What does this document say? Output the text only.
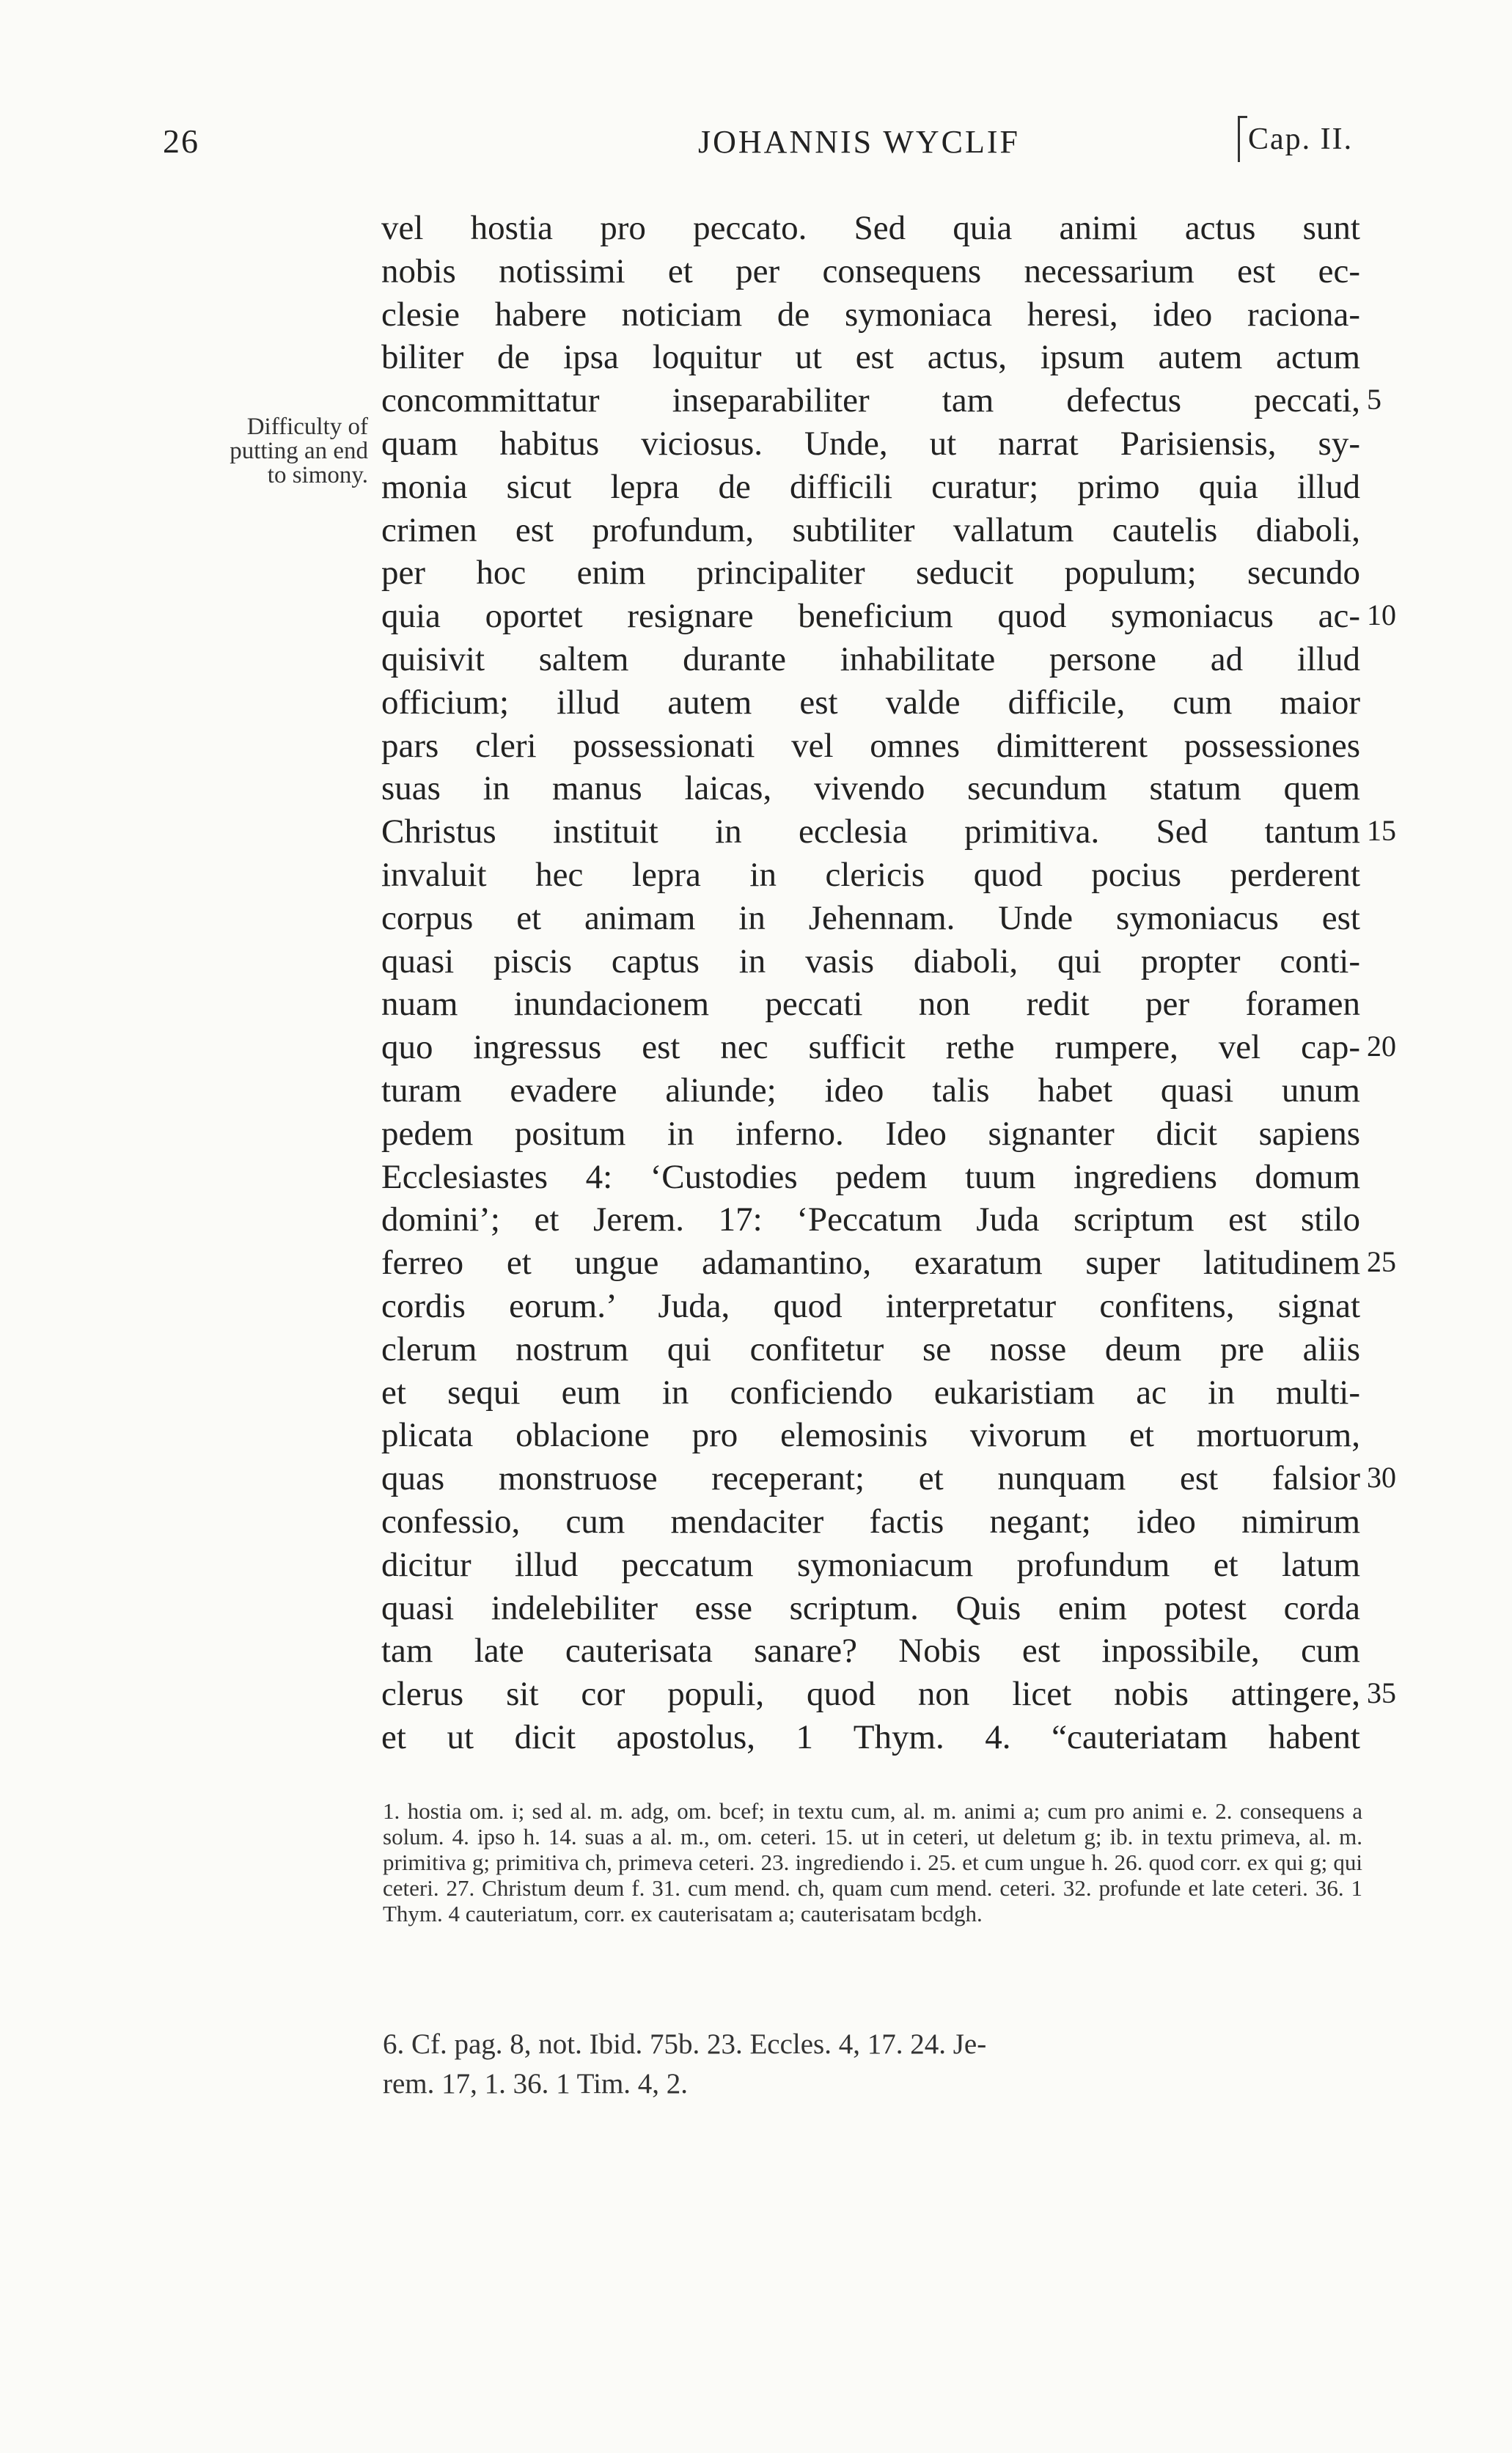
26	JOHANNIS WYCLIF	Cap. II.
Difficulty of
putting an end
to simony.
vel hostia pro peccato. Sed quia animi actus sunt
nobis notissimi et per consequens necessarium est ec-
clesie habere noticiam de symoniaca heresi, ideo raciona-
biliter de ipsa loquitur ut est actus, ipsum autem actum
concommittatur inseparabiliter tam defectus peccati,
quam habitus viciosus. Unde, ut narrat Parisiensis, sy-
monia sicut lepra de difficili curatur; primo quia illud
crimen est profundum, subtiliter vallatum cautelis diaboli,
per hoc enim principaliter seducit populum; secundo
quia oportet resignare beneficium quod symoniacus ac-
quisivit saltem durante inhabilitate persone ad illud
officium; illud autem est valde difficile, cum maior
pars cleri possessionati vel omnes dimitterent possessiones
suas in manus laicas, vivendo secundum statum quem
Christus instituit in ecclesia primitiva. Sed tantum
invaluit hec lepra in clericis quod pocius perderent
corpus et animam in Jehennam. Unde symoniacus est
quasi piscis captus in vasis diaboli, qui propter conti-
nuam inundacionem peccati non redit per foramen
quo ingressus est nec sufficit rethe rumpere, vel cap-
turam evadere aliunde; ideo talis habet quasi unum
pedem positum in inferno. Ideo signanter dicit sapiens
Ecclesiastes 4: ‘Custodies pedem tuum ingrediens domum
domini’; et Jerem. 17: ‘Peccatum Juda scriptum est stilo
ferreo et ungue adamantino, exaratum super latitudinem
cordis eorum.’ Juda, quod interpretatur confitens, signat
clerum nostrum qui confitetur se nosse deum pre aliis
et sequi eum in conficiendo eukaristiam ac in multi-
plicata oblacione pro elemosinis vivorum et mortuorum,
quas monstruose receperant; et nunquam est falsior
confessio, cum mendaciter factis negant; ideo nimirum
dicitur illud peccatum symoniacum profundum et latum
quasi indelebiliter esse scriptum. Quis enim potest corda
tam late cauterisata sanare? Nobis est inpossibile, cum
clerus sit cor populi, quod non licet nobis attingere,
et ut dicit apostolus, 1 Thym. 4. “cauteriatam habent
5
10
15
20
25
30
35
1. hostia om. i; sed al. m. adg, om. bcef; in textu cum, al. m. animi a; cum pro animi e. 2. consequens a solum. 4. ipso h. 14. suas a al. m., om. ceteri. 15. ut in ceteri, ut deletum g; ib. in textu primeva, al. m. primitiva g; primitiva ch, primeva ceteri. 23. ingrediendo i. 25. et cum ungue h. 26. quod corr. ex qui g; qui ceteri. 27. Christum deum f. 31. cum mend. ch, quam cum mend. ceteri. 32. profunde et late ceteri. 36. 1 Thym. 4 cauteriatum, corr. ex cauterisatam a; cauterisatam bcdgh.
6. Cf. pag. 8, not. Ibid. 75b. 23. Eccles. 4, 17. 24. Je-
rem. 17, 1. 36. 1 Tim. 4, 2.
